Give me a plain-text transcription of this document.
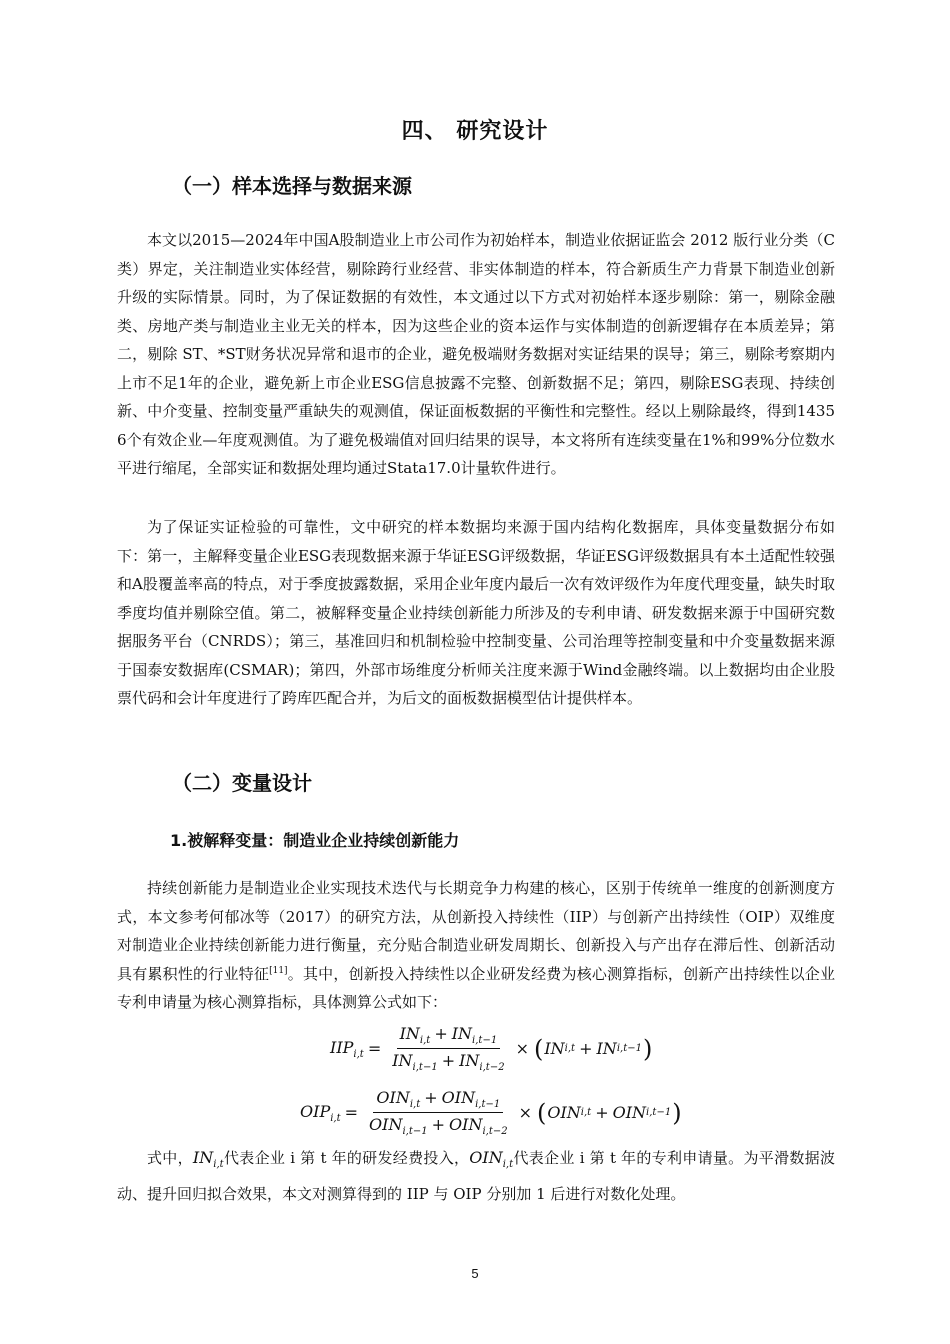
四、 研究设计
（一）样本选择与数据来源

本文以2015—2024年中国A股制造业上市公司作为初始样本，制造业依据证监会 2012 版行业分类（C 类）界定，关注制造业实体经营，剔除跨行业经营、非实体制造的样本，符合新质生产力背景下制造业创新升级的实际情景。同时，为了保证数据的有效性，本文通过以下方式对初始样本逐步剔除：第一，剔除金融类、房地产类与制造业主业无关的样本，因为这些企业的资本运作与实体制造的创新逻辑存在本质差异；第二，剔除 ST、*ST财务状况异常和退市的企业，避免极端财务数据对实证结果的误导；第三，剔除考察期内上市不足1年的企业，避免新上市企业ESG信息披露不完整、创新数据不足；第四，剔除ESG表现、持续创新、中介变量、控制变量严重缺失的观测值，保证面板数据的平衡性和完整性。经以上剔除最终，得到14356个有效企业—年度观测值。为了避免极端值对回归结果的误导，本文将所有连续变量在1%和99%分位数水平进行缩尾，全部实证和数据处理均通过Stata17.0计量软件进行。

为了保证实证检验的可靠性，文中研究的样本数据均来源于国内结构化数据库，具体变量数据分布如下：第一，主解释变量企业ESG表现数据来源于华证ESG评级数据，华证ESG评级数据具有本土适配性较强和A股覆盖率高的特点，对于季度披露数据，采用企业年度内最后一次有效评级作为年度代理变量，缺失时取季度均值并剔除空值。第二，被解释变量企业持续创新能力所涉及的专利申请、研发数据来源于中国研究数据服务平台（CNRDS）；第三，基准回归和机制检验中控制变量、公司治理等控制变量和中介变量数据来源于国泰安数据库(CSMAR)；第四，外部市场维度分析师关注度来源于Wind金融终端。以上数据均由企业股票代码和会计年度进行了跨库匹配合并，为后文的面板数据模型估计提供样本。

（二）变量设计
1.被解释变量：制造业企业持续创新能力

持续创新能力是制造业企业实现技术迭代与长期竞争力构建的核心，区别于传统单一维度的创新测度方式，本文参考何郁冰等（2017）的研究方法，从创新投入持续性（IIP）与创新产出持续性（OIP）双维度对制造业企业持续创新能力进行衡量，充分贴合制造业研发周期长、创新投入与产出存在滞后性、创新活动具有累积性的行业特征[11]。其中，创新投入持续性以企业研发经费为核心测算指标，创新产出持续性以企业专利申请量为核心测算指标，具体测算公式如下：

$IIP_{i,t} = \frac{IN_{i,t} + IN_{i,t-1}}{IN_{i,t-1} + IN_{i,t-2}}$ × ( IN i,t + IN i,t−1 )
$OIP_{i,t} = \frac{OIN_{i,t} + OIN_{i,t-1}}{OIN_{i,t-1} + OIN_{i,t-2}}$ × ( OIN i,t + OIN i,t−1 )

式中，$IN_{i,t}$代表企业 i 第 t 年的研发经费投入，$OIN_{i,t}$代表企业 i 第 t 年的专利申请量。为平滑数据波动、提升回归拟合效果，本文对测算得到的 IIP 与 OIP 分别加 1 后进行对数化处理。

5
